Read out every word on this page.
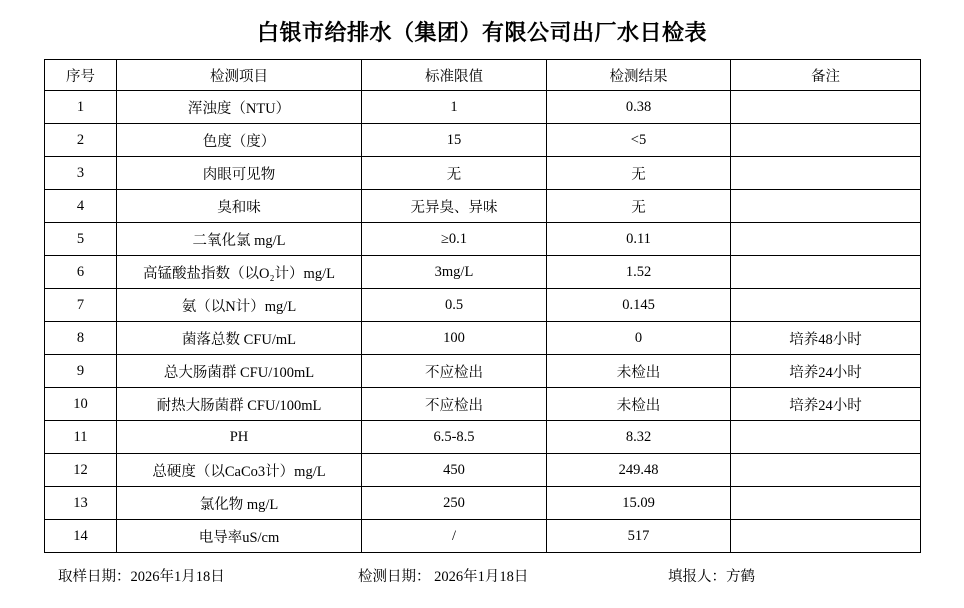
白银市给排水（集团）有限公司出厂水日检表
序号	检测项目	标准限值	检测结果	备注
1	浑浊度（NTU）	1	0.38	
2	色度（度）	15	<5	
3	肉眼可见物	无	无	
4	臭和味	无异臭、异味	无	
5	二氧化氯 mg/L	≥0.1	0.11	
6	高锰酸盐指数（以O₂计）mg/L	3mg/L	1.52	
7	氨（以N计）mg/L	0.5	0.145	
8	菌落总数 CFU/mL	100	0	培养48小时
9	总大肠菌群 CFU/100mL	不应检出	未检出	培养24小时
10	耐热大肠菌群 CFU/100mL	不应检出	未检出	培养24小时
11	PH	6.5-8.5	8.32	
12	总硬度（以CaCo3计）mg/L	450	249.48	
13	氯化物 mg/L	250	15.09	
14	电导率uS/cm	/	517	
取样日期：2026年1月18日	检测日期： 2026年1月18日	填报人：方鹤
